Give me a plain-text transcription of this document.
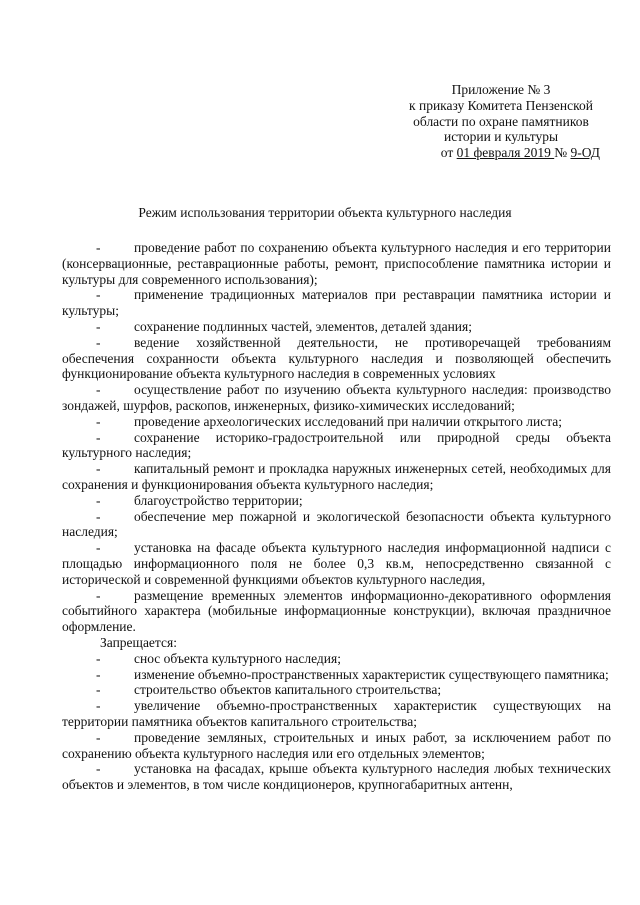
Приложение № 3
к приказу Комитета Пензенской
области по охране памятников
истории и культуры
от 01 февраля 2019 № 9-ОД
Режим использования территории объекта культурного наследия

- проведение работ по сохранению объекта культурного наследия и его территории (консервационные, реставрационные работы, ремонт, приспособление памятника истории и культуры для современного использования);

- применение традиционных материалов при реставрации памятника истории и культуры;

- сохранение подлинных частей, элементов, деталей здания;

- ведение хозяйственной деятельности, не противоречащей требованиям обеспечения сохранности объекта культурного наследия и позволяющей обеспечить функционирование объекта культурного наследия в современных условиях

- осуществление работ по изучению объекта культурного наследия: производство зондажей, шурфов, раскопов, инженерных, физико-химических исследований;

- проведение археологических исследований при наличии открытого листа;

- сохранение историко-градостроительной или природной среды объекта культурного наследия;

- капитальный ремонт и прокладка наружных инженерных сетей, необходимых для сохранения и функционирования объекта культурного наследия;

- благоустройство территории;

- обеспечение мер пожарной и экологической безопасности объекта культурного наследия;

- установка на фасаде объекта культурного наследия информационной надписи с площадью информационного поля не более 0,3 кв.м, непосредственно связанной с исторической и современной функциями объектов культурного наследия,

- размещение временных элементов информационно-декоративного оформления событийного характера (мобильные информационные конструкции), включая праздничное оформление.

Запрещается:

- снос объекта культурного наследия;

- изменение объемно-пространственных характеристик существующего памятника;

- строительство объектов капитального строительства;

- увеличение объемно-пространственных характеристик существующих на территории памятника объектов капитального строительства;

- проведение земляных, строительных и иных работ, за исключением работ по сохранению объекта культурного наследия или его отдельных элементов;

- установка на фасадах, крыше объекта культурного наследия любых технических объектов и элементов, в том числе кондиционеров, крупногабаритных антенн,
